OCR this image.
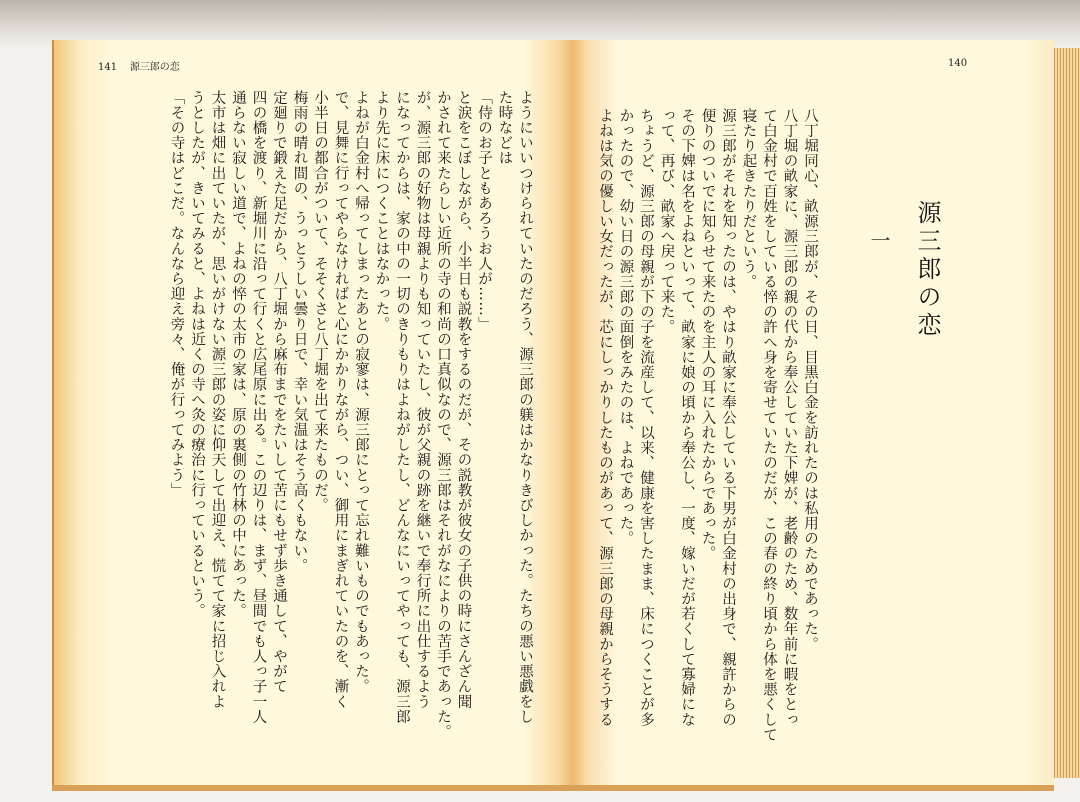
141 源三郎の恋	140

ようにいいつけられていたのだろう、源三郎の躾はかなりきびしかった。たちの悪い悪戯をし

た時などは

「侍のお子ともあろうお人が……」

と涙をこぼしながら、小半日も説教をするのだが、その説教が彼女の子供の時にさんざん聞

かされて来たらしい近所の寺の和尚の口真似なので、源三郎はそれがなによりの苦手であった。

が、源三郎の好物は母親よりも知っていたし、彼が父親の跡を継いで奉行所に出仕するよう

になってからは、家の中の一切のきりもりはよねがしたし、どんなにいってやっても、源三郎

より先に床につくことはなかった。

よねが白金村へ帰ってしまったあとの寂寥は、源三郎にとって忘れ難いものでもあった。

で、見舞に行ってやらなければと心にかかりながら、つい、御用にまぎれていたのを、漸く

小半日の都合がついて、そそくさと八丁堀を出て来たものだ。

梅雨の晴れ間の、うっとうしい曇り日で、幸い気温はそう高くもない。

定廻りで鍛えた足だから、八丁堀から麻布までをたいして苦にもせず歩き通して、やがて

四の橋を渡り、新堀川に沿って行くと広尾原に出る。この辺りは、まず、昼間でも人っ子一人

通らない寂しい道で、よねの悴の太市の家は、原の裏側の竹林の中にあった。

太市は畑に出ていたが、思いがけない源三郎の姿に仰天して出迎え、慌てて家に招じ入れよ

うとしたが、きいてみると、よねは近くの寺へ灸の療治に行っているという。

「その寺はどこだ。なんなら迎え旁々、俺が行ってみよう」	源三郎の恋
一

八丁堀同心、畝源三郎が、その日、目黒白金を訪れたのは私用のためであった。

八丁堀の畝家に、源三郎の親の代から奉公していた下婢が、老齢のため、数年前に暇をとっ

て白金村で百姓をしている悴の許へ身を寄せていたのだが、この春の終り頃から体を悪くして

寝たり起きたりだという。

源三郎がそれを知ったのは、やはり畝家に奉公している下男が白金村の出身で、親許からの

便りのついでに知らせて来たのを主人の耳に入れたからであった。

その下婢は名をよねといって、畝家に娘の頃から奉公し、一度、嫁いだが若くして寡婦にな

って、再び、畝家へ戻って来た。

ちょうど、源三郎の母親が下の子を流産して、以来、健康を害したまま、床につくことが多

かったので、幼い日の源三郎の面倒をみたのは、よねであった。

よねは気の優しい女だったが、芯にしっかりしたものがあって、源三郎の母親からそうする
